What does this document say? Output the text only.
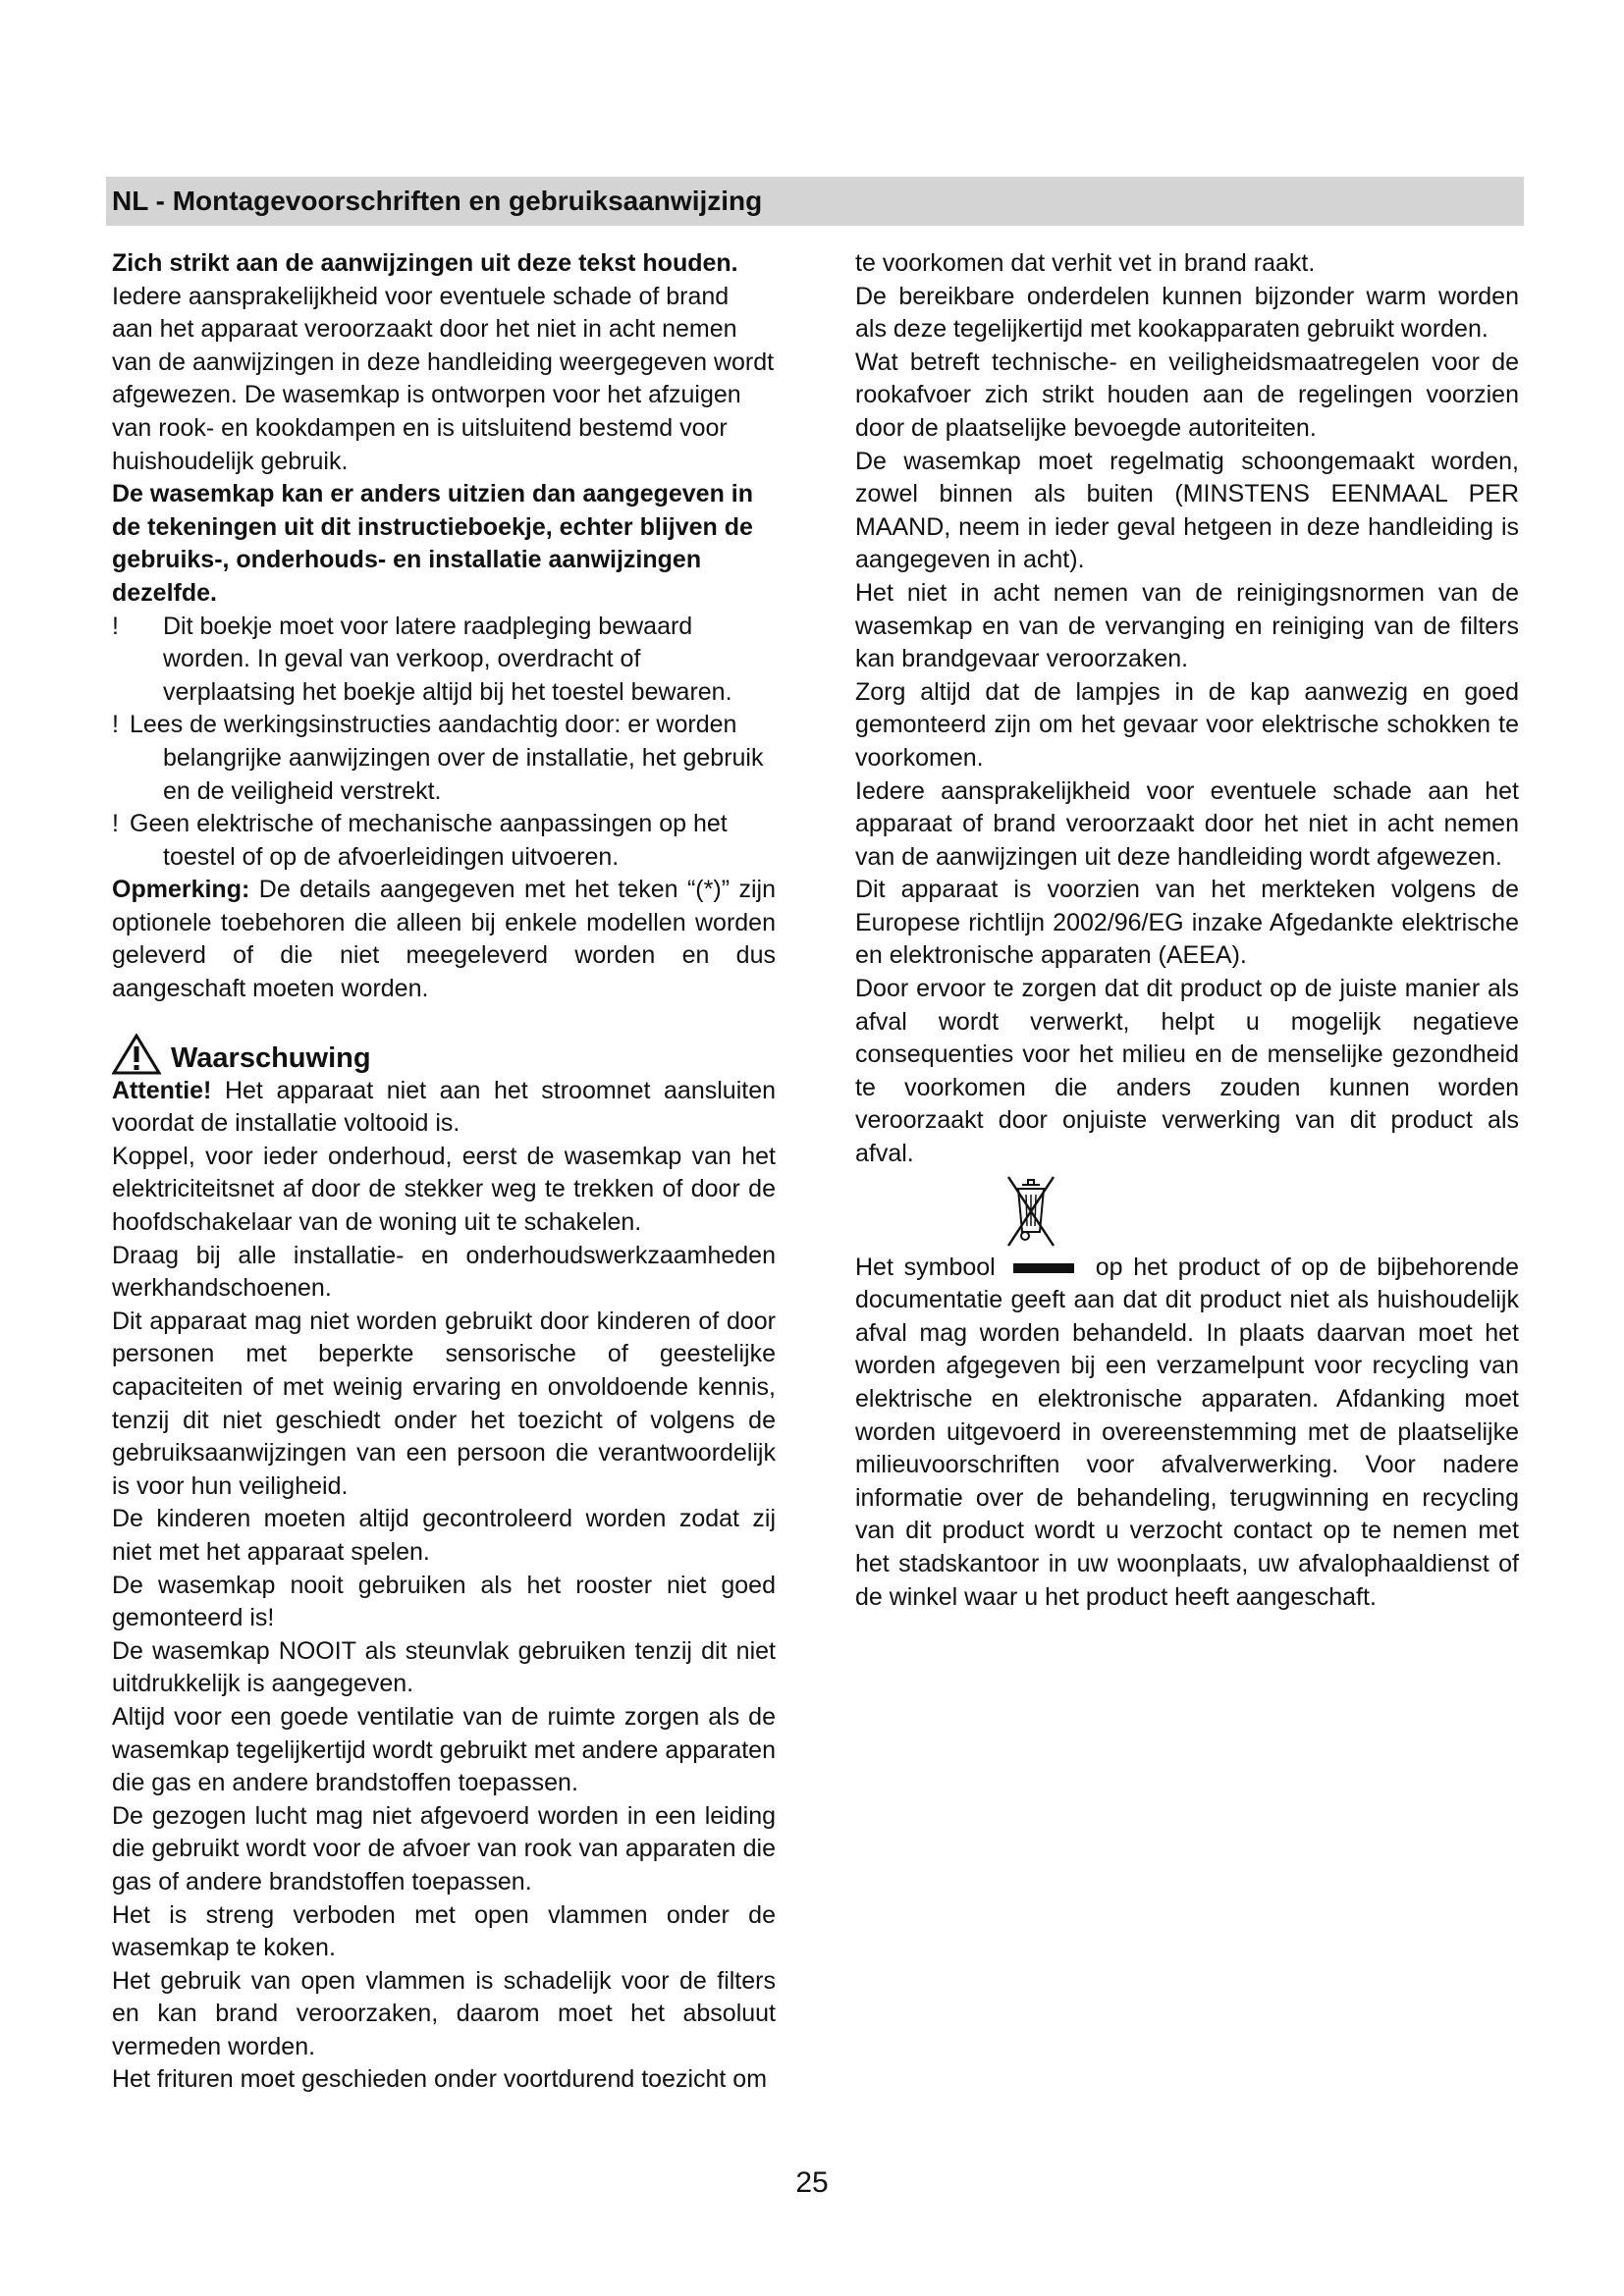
NL - Montagevoorschriften en gebruiksaanwijzing

Zich strikt aan de aanwijzingen uit deze tekst houden.

Iedere aansprakelijkheid voor eventuele schade of brand aan het apparaat veroorzaakt door het niet in acht nemen van de aanwijzingen in deze handleiding weergegeven wordt afgewezen. De wasemkap is ontworpen voor het afzuigen van rook- en kookdampen en is uitsluitend bestemd voor huishoudelijk gebruik.

De wasemkap kan er anders uitzien dan aangegeven in de tekeningen uit dit instructieboekje, echter blijven de gebruiks-, onderhouds- en installatie aanwijzingen dezelfde.

! Dit boekje moet voor latere raadpleging bewaard worden. In geval van verkoop, overdracht of verplaatsing het boekje altijd bij het toestel bewaren.
! Lees de werkingsinstructies aandachtig door: er worden belangrijke aanwijzingen over de installatie, het gebruik en de veiligheid verstrekt.
! Geen elektrische of mechanische aanpassingen op het toestel of op de afvoerleidingen uitvoeren.

Opmerking: De details aangegeven met het teken “(*)” zijn optionele toebehoren die alleen bij enkele modellen worden geleverd of die niet meegeleverd worden en dus aangeschaft moeten worden.

Waarschuwing

Attentie! Het apparaat niet aan het stroomnet aansluiten voordat de installatie voltooid is.

Koppel, voor ieder onderhoud, eerst de wasemkap van het elektriciteitsnet af door de stekker weg te trekken of door de hoofdschakelaar van de woning uit te schakelen.

Draag bij alle installatie- en onderhoudswerkzaamheden werkhandschoenen.

Dit apparaat mag niet worden gebruikt door kinderen of door personen met beperkte sensorische of geestelijke capaciteiten of met weinig ervaring en onvoldoende kennis, tenzij dit niet geschiedt onder het toezicht of volgens de gebruiksaanwijzingen van een persoon die verantwoordelijk is voor hun veiligheid.

De kinderen moeten altijd gecontroleerd worden zodat zij niet met het apparaat spelen.

De wasemkap nooit gebruiken als het rooster niet goed gemonteerd is!

De wasemkap NOOIT als steunvlak gebruiken tenzij dit niet uitdrukkelijk is aangegeven.

Altijd voor een goede ventilatie van de ruimte zorgen als de wasemkap tegelijkertijd wordt gebruikt met andere apparaten die gas en andere brandstoffen toepassen.

De gezogen lucht mag niet afgevoerd worden in een leiding die gebruikt wordt voor de afvoer van rook van apparaten die gas of andere brandstoffen toepassen.

Het is streng verboden met open vlammen onder de wasemkap te koken.

Het gebruik van open vlammen is schadelijk voor de filters en kan brand veroorzaken, daarom moet het absoluut vermeden worden.

Het frituren moet geschieden onder voortdurend toezicht om

te voorkomen dat verhit vet in brand raakt.

De bereikbare onderdelen kunnen bijzonder warm worden als deze tegelijkertijd met kookapparaten gebruikt worden.

Wat betreft technische- en veiligheidsmaatregelen voor de rookafvoer zich strikt houden aan de regelingen voorzien door de plaatselijke bevoegde autoriteiten.

De wasemkap moet regelmatig schoongemaakt worden, zowel binnen als buiten (MINSTENS EENMAAL PER MAAND, neem in ieder geval hetgeen in deze handleiding is aangegeven in acht).

Het niet in acht nemen van de reinigingsnormen van de wasemkap en van de vervanging en reiniging van de filters kan brandgevaar veroorzaken.

Zorg altijd dat de lampjes in de kap aanwezig en goed gemonteerd zijn om het gevaar voor elektrische schokken te voorkomen.

Iedere aansprakelijkheid voor eventuele schade aan het apparaat of brand veroorzaakt door het niet in acht nemen van de aanwijzingen uit deze handleiding wordt afgewezen.

Dit apparaat is voorzien van het merkteken volgens de Europese richtlijn 2002/96/EG inzake Afgedankte elektrische en elektronische apparaten (AEEA).

Door ervoor te zorgen dat dit product op de juiste manier als afval wordt verwerkt, helpt u mogelijk negatieve consequenties voor het milieu en de menselijke gezondheid te voorkomen die anders zouden kunnen worden veroorzaakt door onjuiste verwerking van dit product als afval.

Het symbool	op het product of op de bijbehorende documentatie geeft aan dat dit product niet als huishoudelijk afval mag worden behandeld. In plaats daarvan moet het worden afgegeven bij een verzamelpunt voor recycling van elektrische en elektronische apparaten. Afdanking moet worden uitgevoerd in overeenstemming met de plaatselijke milieuvoorschriften voor afvalverwerking. Voor nadere informatie over de behandeling, terugwinning en recycling van dit product wordt u verzocht contact op te nemen met het stadskantoor in uw woonplaats, uw afvalophaaldienst of de winkel waar u het product heeft aangeschaft.

25
